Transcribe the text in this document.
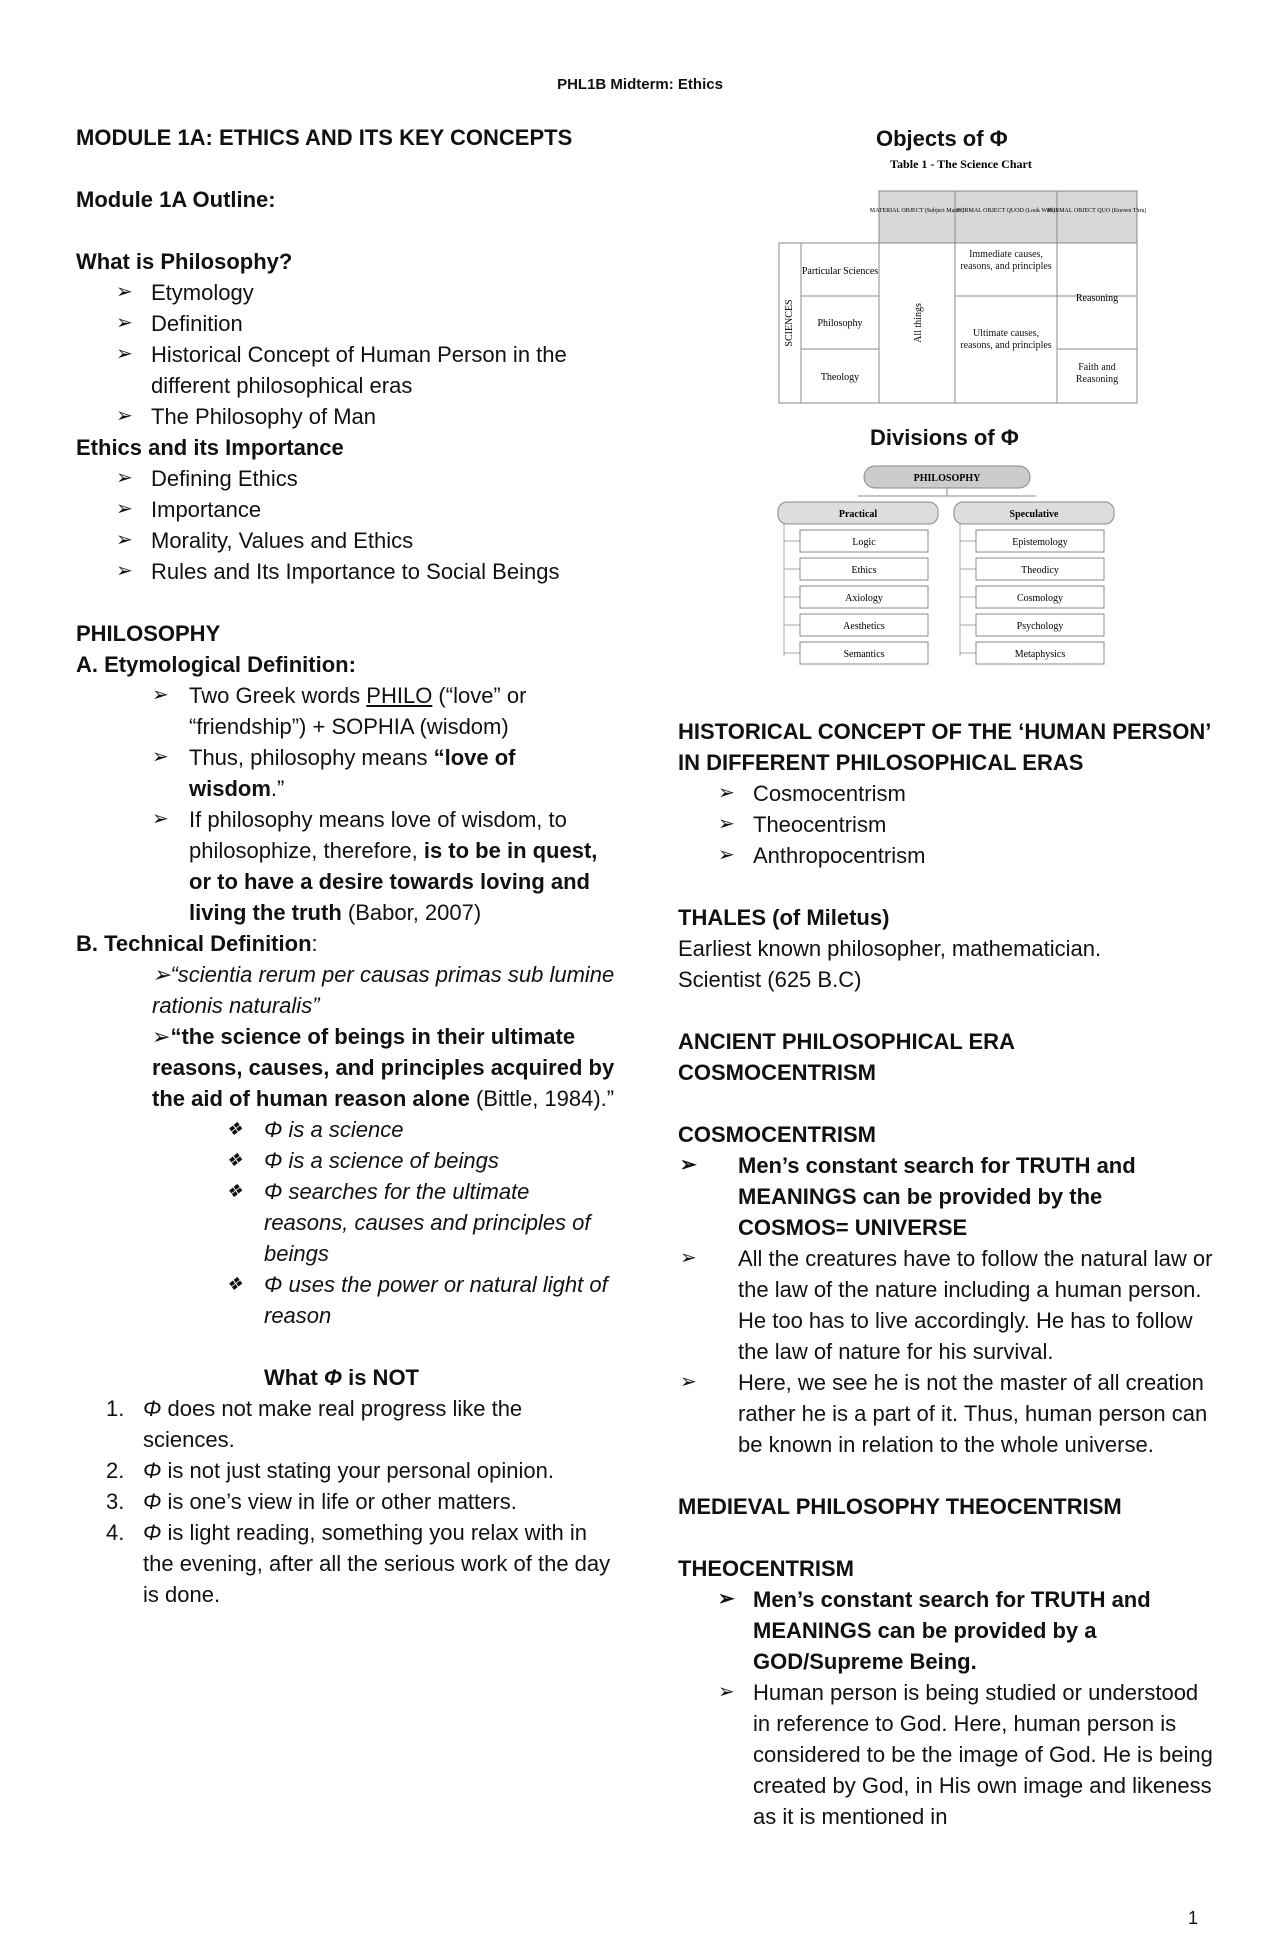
PHL1B Midterm: Ethics

MODULE 1A: ETHICS AND ITS KEY CONCEPTS

Module 1A Outline:

What is Philosophy?

➢ Etymology
➢ Definition
➢ Historical Concept of Human Person in the different philosophical eras
➢ The Philosophy of Man

Ethics and its Importance

➢ Defining Ethics
➢ Importance
➢ Morality, Values and Ethics
➢ Rules and Its Importance to Social Beings

PHILOSOPHY

A. Etymological Definition:

➢ Two Greek words PHILO (“love” or “friendship”) + SOPHIA (wisdom)
➢ Thus, philosophy means “love of wisdom.”
➢ If philosophy means love of wisdom, to philosophize, therefore, is to be in quest, or to have a desire towards loving and living the truth (Babor, 2007)

B. Technical Definition:

➢“scientia rerum per causas primas sub lumine rationis naturalis”

➢“the science of beings in their ultimate reasons, causes, and principles acquired by the aid of human reason alone (Bittle, 1984).”

❖ Φ is a science
❖ Φ is a science of beings
❖ Φ searches for the ultimate reasons, causes and principles of beings
❖ Φ uses the power or natural light of reason

What Φ is NOT

1. Φ does not make real progress like the sciences.
2. Φ is not just stating your personal opinion.
3. Φ is one’s view in life or other matters.
4. Φ is light reading, something you relax with in the evening, after all the serious work of the day is done.
Objects of Φ
Table 1 - The Science Chart
MATERIAL OBJECT (Subject Matter)
FORMAL OBJECT QUOD (Look With)
FORMAL OBJECT QUO (Known Thru)
SCIENCES
Particular Sciences
Philosophy
Theology
All things
Immediate causes, reasons, and principles
Ultimate causes, reasons, and principles
Reasoning
Faith and Reasoning
Divisions of Φ
PHILOSOPHY
Practical	Speculative
Logic
Ethics
Axiology
Aesthetics
Semantics
Epistemology
Theodicy
Cosmology
Psychology
Metaphysics

HISTORICAL CONCEPT OF THE ‘HUMAN PERSON’ IN DIFFERENT PHILOSOPHICAL ERAS

➢ Cosmocentrism
➢ Theocentrism
➢ Anthropocentrism

THALES (of Miletus)

Earliest known philosopher, mathematician. Scientist (625 B.C)

ANCIENT PHILOSOPHICAL ERA COSMOCENTRISM

COSMOCENTRISM

➢ Men’s constant search for TRUTH and MEANINGS can be provided by the COSMOS= UNIVERSE
➢ All the creatures have to follow the natural law or the law of the nature including a human person. He too has to live accordingly. He has to follow the law of nature for his survival.
➢ Here, we see he is not the master of all creation rather he is a part of it. Thus, human person can be known in relation to the whole universe.

MEDIEVAL PHILOSOPHY THEOCENTRISM

THEOCENTRISM

➢ Men’s constant search for TRUTH and MEANINGS can be provided by a GOD/Supreme Being.
➢ Human person is being studied or understood in reference to God. Here, human person is considered to be the image of God. He is being created by God, in His own image and likeness as it is mentioned in
1
